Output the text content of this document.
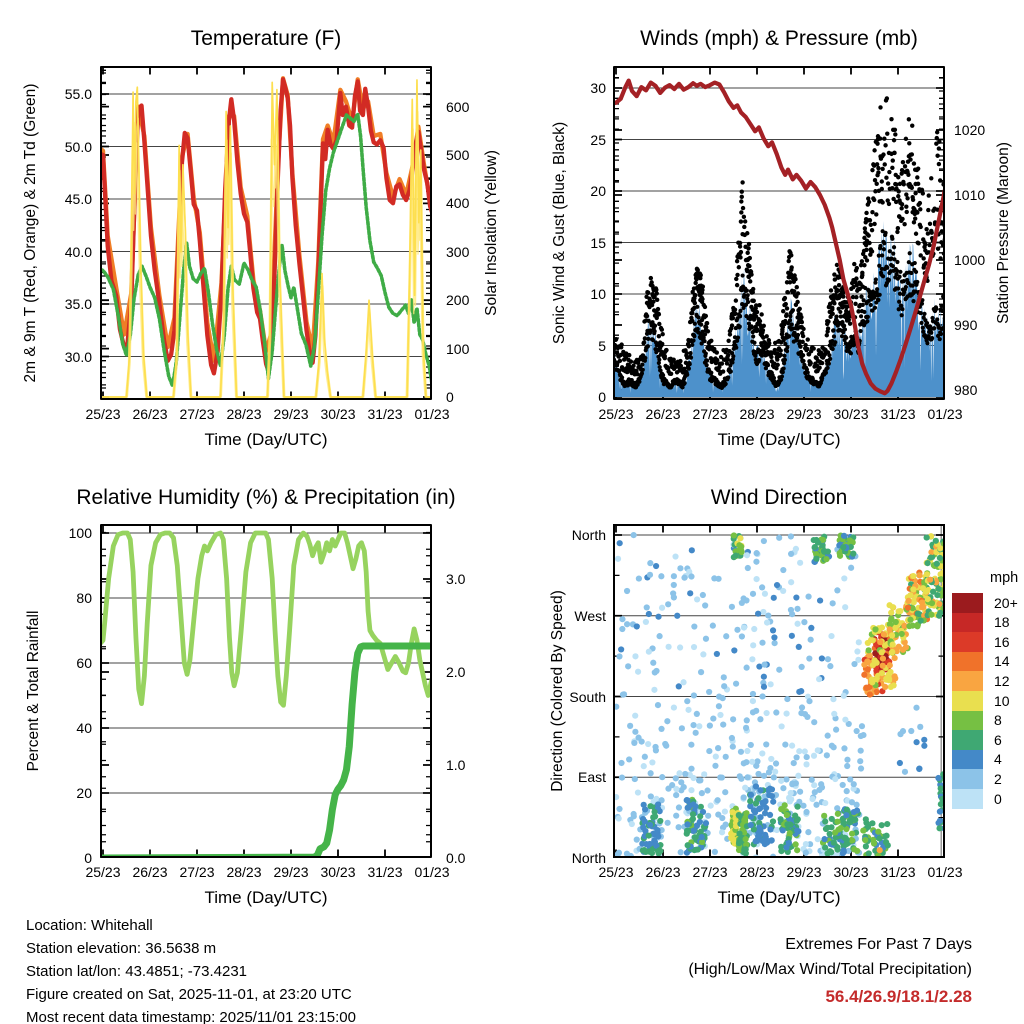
Temperature (F)	Winds (mph) & Pressure (mb)
Relative Humidity (%) & Precipitation (in)	Wind Direction
Time (Day/UTC)	Time (Day/UTC)
Time (Day/UTC)	Time (Day/UTC)
2m & 9m T (Red, Orange) & 2m Td (Green)	Solar Insolation (Yellow)	Sonic Wind & Gust (Blue, Black)	Station Pressure (Maroon)
Percent & Total Rainfall	Direction (Colored By Speed)
mph
Location: Whitehall
Station elevation: 36.5638 m
Station lat/lon: 43.4851; -73.4231
Figure created on Sat, 2025-11-01, at 23:20 UTC
Most recent data timestamp: 2025/11/01 23:15:00
Extremes For Past 7 Days
(High/Low/Max Wind/Total Precipitation)
56.4/26.9/18.1/2.28
30.0
35.0
40.0
45.0
50.0
55.0
0
100
200
300
400
500
600
25/23 26/23 27/23 28/23 29/23 30/23 31/23 01/23
0
5
10
15
20
25
30
980
990
1000
1010
1020
25/23 26/23 27/23 28/23 29/23 30/23 31/23 01/23
0
20
40
60
80
100
0.0
1.0
2.0
3.0
25/23 26/23 27/23 28/23 29/23 30/23 31/23 01/23
North
West
South
East
North
25/23 26/23 27/23 28/23 29/23 30/23 31/23 01/23
20+
18
16
14
12
10
8
6
4
2
0
